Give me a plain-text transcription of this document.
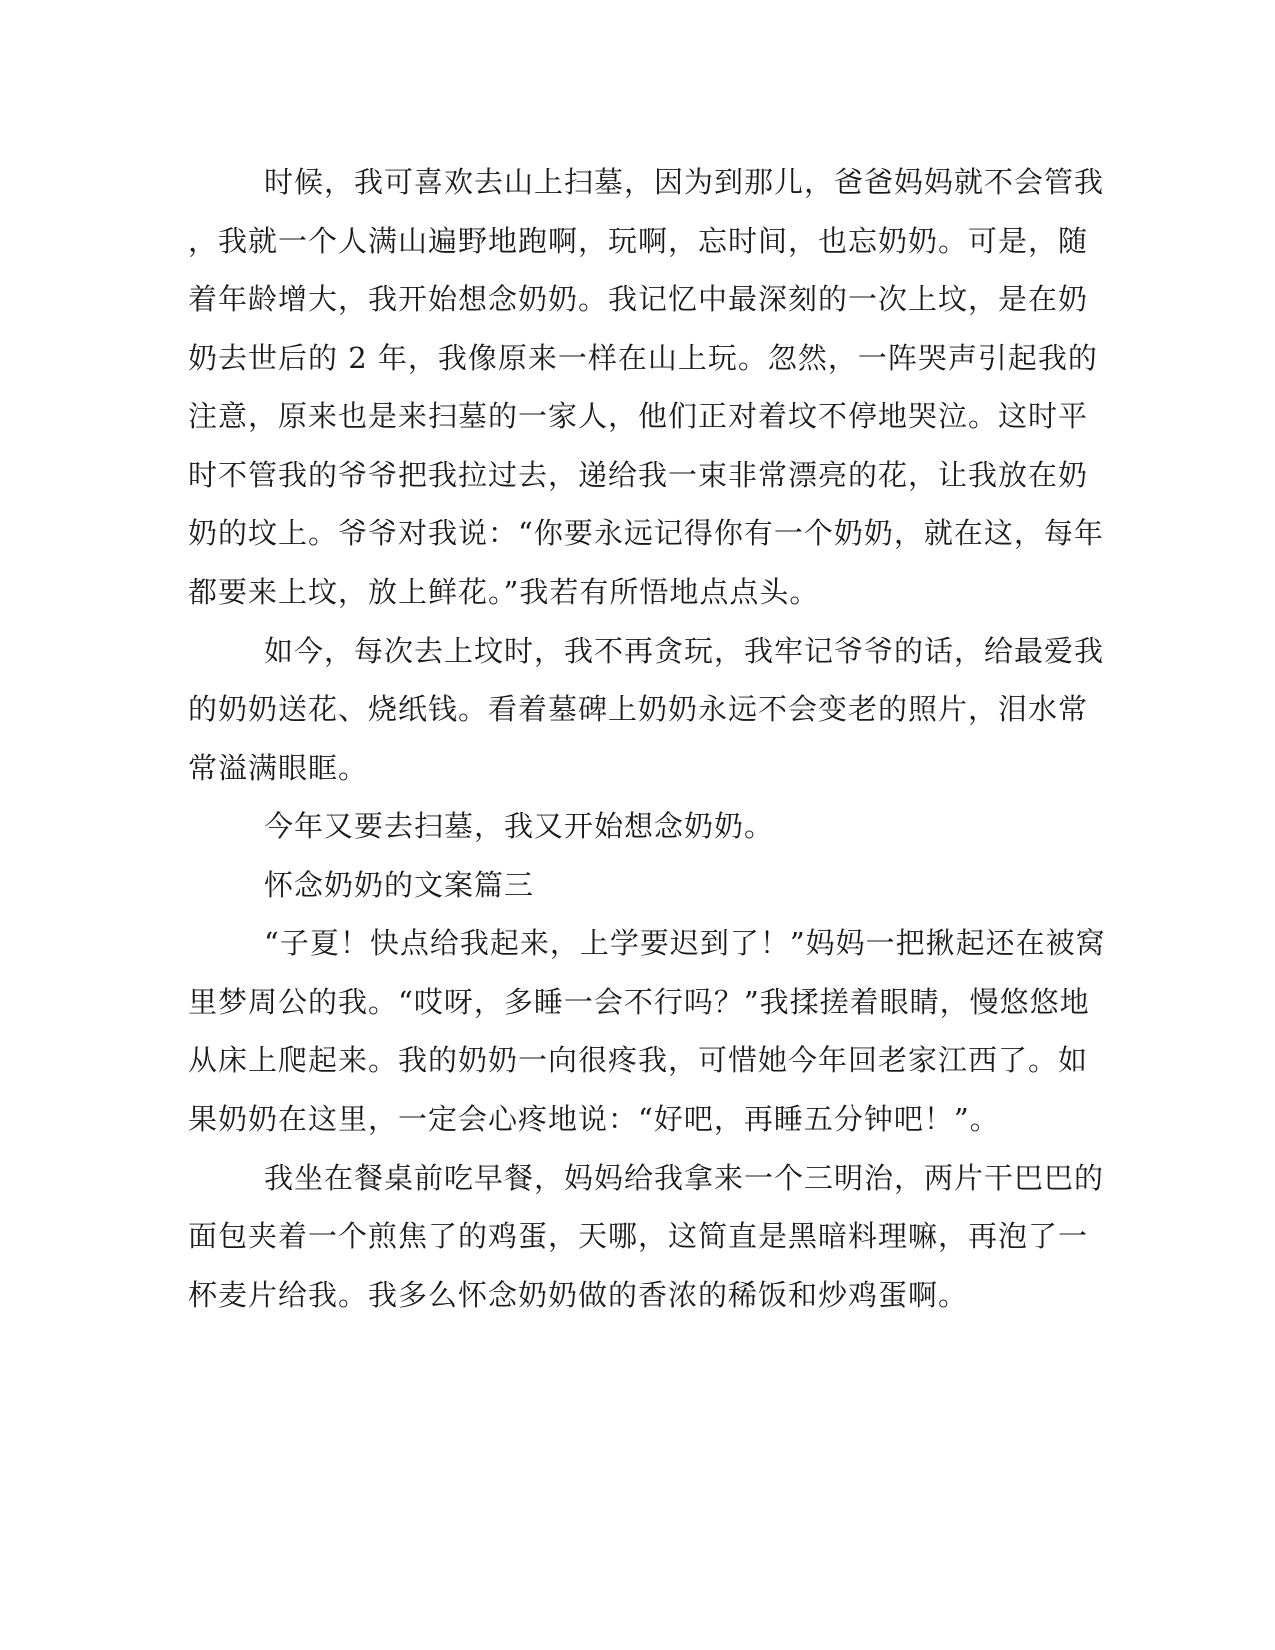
时候，我可喜欢去山上扫墓，因为到那儿，爸爸妈妈就不会管我
，我就一个人满山遍野地跑啊，玩啊，忘时间，也忘奶奶。可是，随
着年龄增大，我开始想念奶奶。我记忆中最深刻的一次上坟，是在奶
奶去世后的 2 年，我像原来一样在山上玩。忽然，一阵哭声引起我的
注意，原来也是来扫墓的一家人，他们正对着坟不停地哭泣。这时平
时不管我的爷爷把我拉过去，递给我一束非常漂亮的花，让我放在奶
奶的坟上。爷爷对我说：“你要永远记得你有一个奶奶，就在这，每年
都要来上坟，放上鲜花。”我若有所悟地点点头。
如今，每次去上坟时，我不再贪玩，我牢记爷爷的话，给最爱我
的奶奶送花、烧纸钱。看着墓碑上奶奶永远不会变老的照片，泪水常
常溢满眼眶。
今年又要去扫墓，我又开始想念奶奶。
怀念奶奶的文案篇三
“子夏！快点给我起来，上学要迟到了！”妈妈一把揪起还在被窝
里梦周公的我。“哎呀，多睡一会不行吗？”我揉搓着眼睛，慢悠悠地
从床上爬起来。我的奶奶一向很疼我，可惜她今年回老家江西了。如
果奶奶在这里，一定会心疼地说：“好吧，再睡五分钟吧！”。
我坐在餐桌前吃早餐，妈妈给我拿来一个三明治，两片干巴巴的
面包夹着一个煎焦了的鸡蛋，天哪，这简直是黑暗料理嘛，再泡了一
杯麦片给我。我多么怀念奶奶做的香浓的稀饭和炒鸡蛋啊。
